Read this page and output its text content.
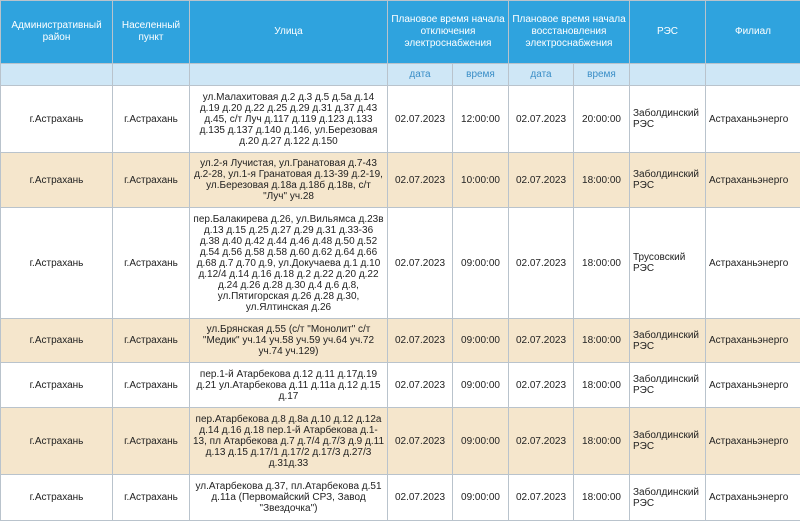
Административный район	Населенный пункт	Улица	Плановое время начала отключения электроснабжения		Плановое время начала восстановления электроснабжения		РЭС	Филиал
			дата	время	дата	время		
г.Астрахань	г.Астрахань	ул.Малахитовая д.2 д.3 д.5 д.5а д.14 д.19 д.20 д.22 д.25 д.29 д.31 д.37 д.43 д.45, с/т Луч д.117 д.119 д.123 д.133 д.135 д.137 д.140 д.146, ул.Березовая д.20 д.27 д.122 д.150	02.07.2023	12:00:00	02.07.2023	20:00:00	Заболдинский РЭС	Астраханьэнерго
г.Астрахань	г.Астрахань	ул.2-я Лучистая, ул.Гранатовая д.7-43 д.2-28, ул.1-я Гранатовая д.13-39 д.2-19, ул.Березовая д.18а д.18б д.18в, с/т "Луч" уч.28	02.07.2023	10:00:00	02.07.2023	18:00:00	Заболдинский РЭС	Астраханьэнерго
г.Астрахань	г.Астрахань	пер.Балакирева д.26, ул.Вильямса д.23в д.13 д.15 д.25 д.27 д.29 д.31 д.33-36 д.38 д.40 д.42 д.44 д.46 д.48 д.50 д.52 д.54 д.56 д.58 д.58 д.60 д.62 д.64 д.66 д.68 д.7 д.70 д.9, ул.Докучаева д.1 д.10 д.12/4 д.14 д.16 д.18 д.2 д.22 д.20 д.22 д.24 д.26 д.28 д.30 д.4 д.6 д.8, ул.Пятигорская д.26 д.28 д.30, ул.Ялтинская д.26	02.07.2023	09:00:00	02.07.2023	18:00:00	Трусовский РЭС	Астраханьэнерго
г.Астрахань	г.Астрахань	ул.Брянская д.55 (с/т "Монолит" с/т "Медик" уч.14 уч.58 уч.59 уч.64 уч.72 уч.74 уч.129)	02.07.2023	09:00:00	02.07.2023	18:00:00	Заболдинский РЭС	Астраханьэнерго
г.Астрахань	г.Астрахань	пер.1-й Атарбекова д.12 д.11 д.17д.19 д.21 ул.Атарбекова д.11 д.11а д.12 д.15 д.17	02.07.2023	09:00:00	02.07.2023	18:00:00	Заболдинский РЭС	Астраханьэнерго
г.Астрахань	г.Астрахань	пер.Атарбекова д.8 д.8а д.10 д.12 д.12а д.14 д.16 д.18 пер.1-й Атарбекова д.1-13, пл Атарбекова д.7 д.7/4 д.7/3 д.9 д.11 д.13 д.15 д.17/1 д.17/2 д.17/3 д.27/3 д.31д.33	02.07.2023	09:00:00	02.07.2023	18:00:00	Заболдинский РЭС	Астраханьэнерго
г.Астрахань	г.Астрахань	ул.Атарбекова д.37, пл.Атарбекова д.51 д.11а (Первомайский СРЗ, Завод "Звездочка")	02.07.2023	09:00:00	02.07.2023	18:00:00	Заболдинский РЭС	Астраханьэнерго
